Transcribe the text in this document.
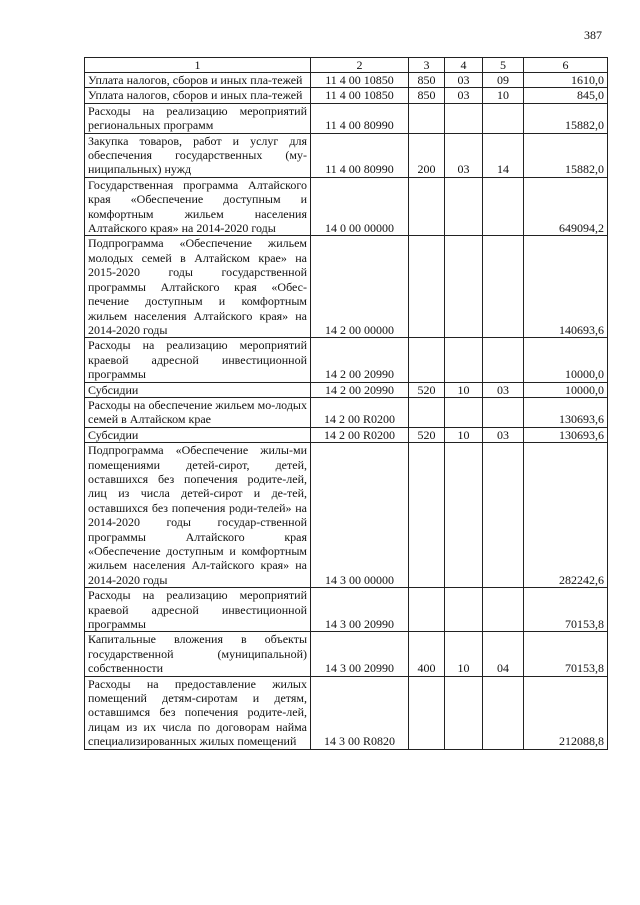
387
1	2	3	4	5	6
Уплата налогов, сборов и иных пла-тежей	11 4 00 10850	850	03	09	1610,0
Уплата налогов, сборов и иных пла-тежей	11 4 00 10850	850	03	10	845,0
Расходы на реализацию мероприятий региональных программ	11 4 00 80990				15882,0
Закупка товаров, работ и услуг для обеспечения государственных (му-ниципальных) нужд	11 4 00 80990	200	03	14	15882,0
Государственная программа Алтайского края «Обеспечение доступным и комфортным жильем населения Алтайского края» на 2014-2020 годы	14 0 00 00000				649094,2
Подпрограмма «Обеспечение жильем молодых семей в Алтайском крае» на 2015-2020 годы государственной программы Алтайского края «Обес-печение доступным и комфортным жильем населения Алтайского края» на 2014-2020 годы	14 2 00 00000				140693,6
Расходы на реализацию мероприятий краевой адресной инвестиционной программы	14 2 00 20990				10000,0
Субсидии	14 2 00 20990	520	10	03	10000,0
Расходы на обеспечение жильем мо-лодых семей в Алтайском крае	14 2 00 R0200				130693,6
Субсидии	14 2 00 R0200	520	10	03	130693,6
Подпрограмма «Обеспечение жилы-ми помещениями детей-сирот, детей, оставшихся без попечения родите-лей, лиц из числа детей-сирот и де-тей, оставшихся без попечения роди-телей» на 2014-2020 годы государ-ственной программы Алтайского края «Обеспечение доступным и комфортным жильем населения Ал-тайского края» на 2014-2020 годы	14 3 00 00000				282242,6
Расходы на реализацию мероприятий краевой адресной инвестиционной программы	14 3 00 20990				70153,8
Капитальные вложения в объекты государственной (муниципальной) собственности	14 3 00 20990	400	10	04	70153,8
Расходы на предоставление жилых помещений детям-сиротам и детям, оставшимся без попечения родите-лей, лицам из их числа по договорам найма специализированных жилых помещений	14 3 00 R0820				212088,8
